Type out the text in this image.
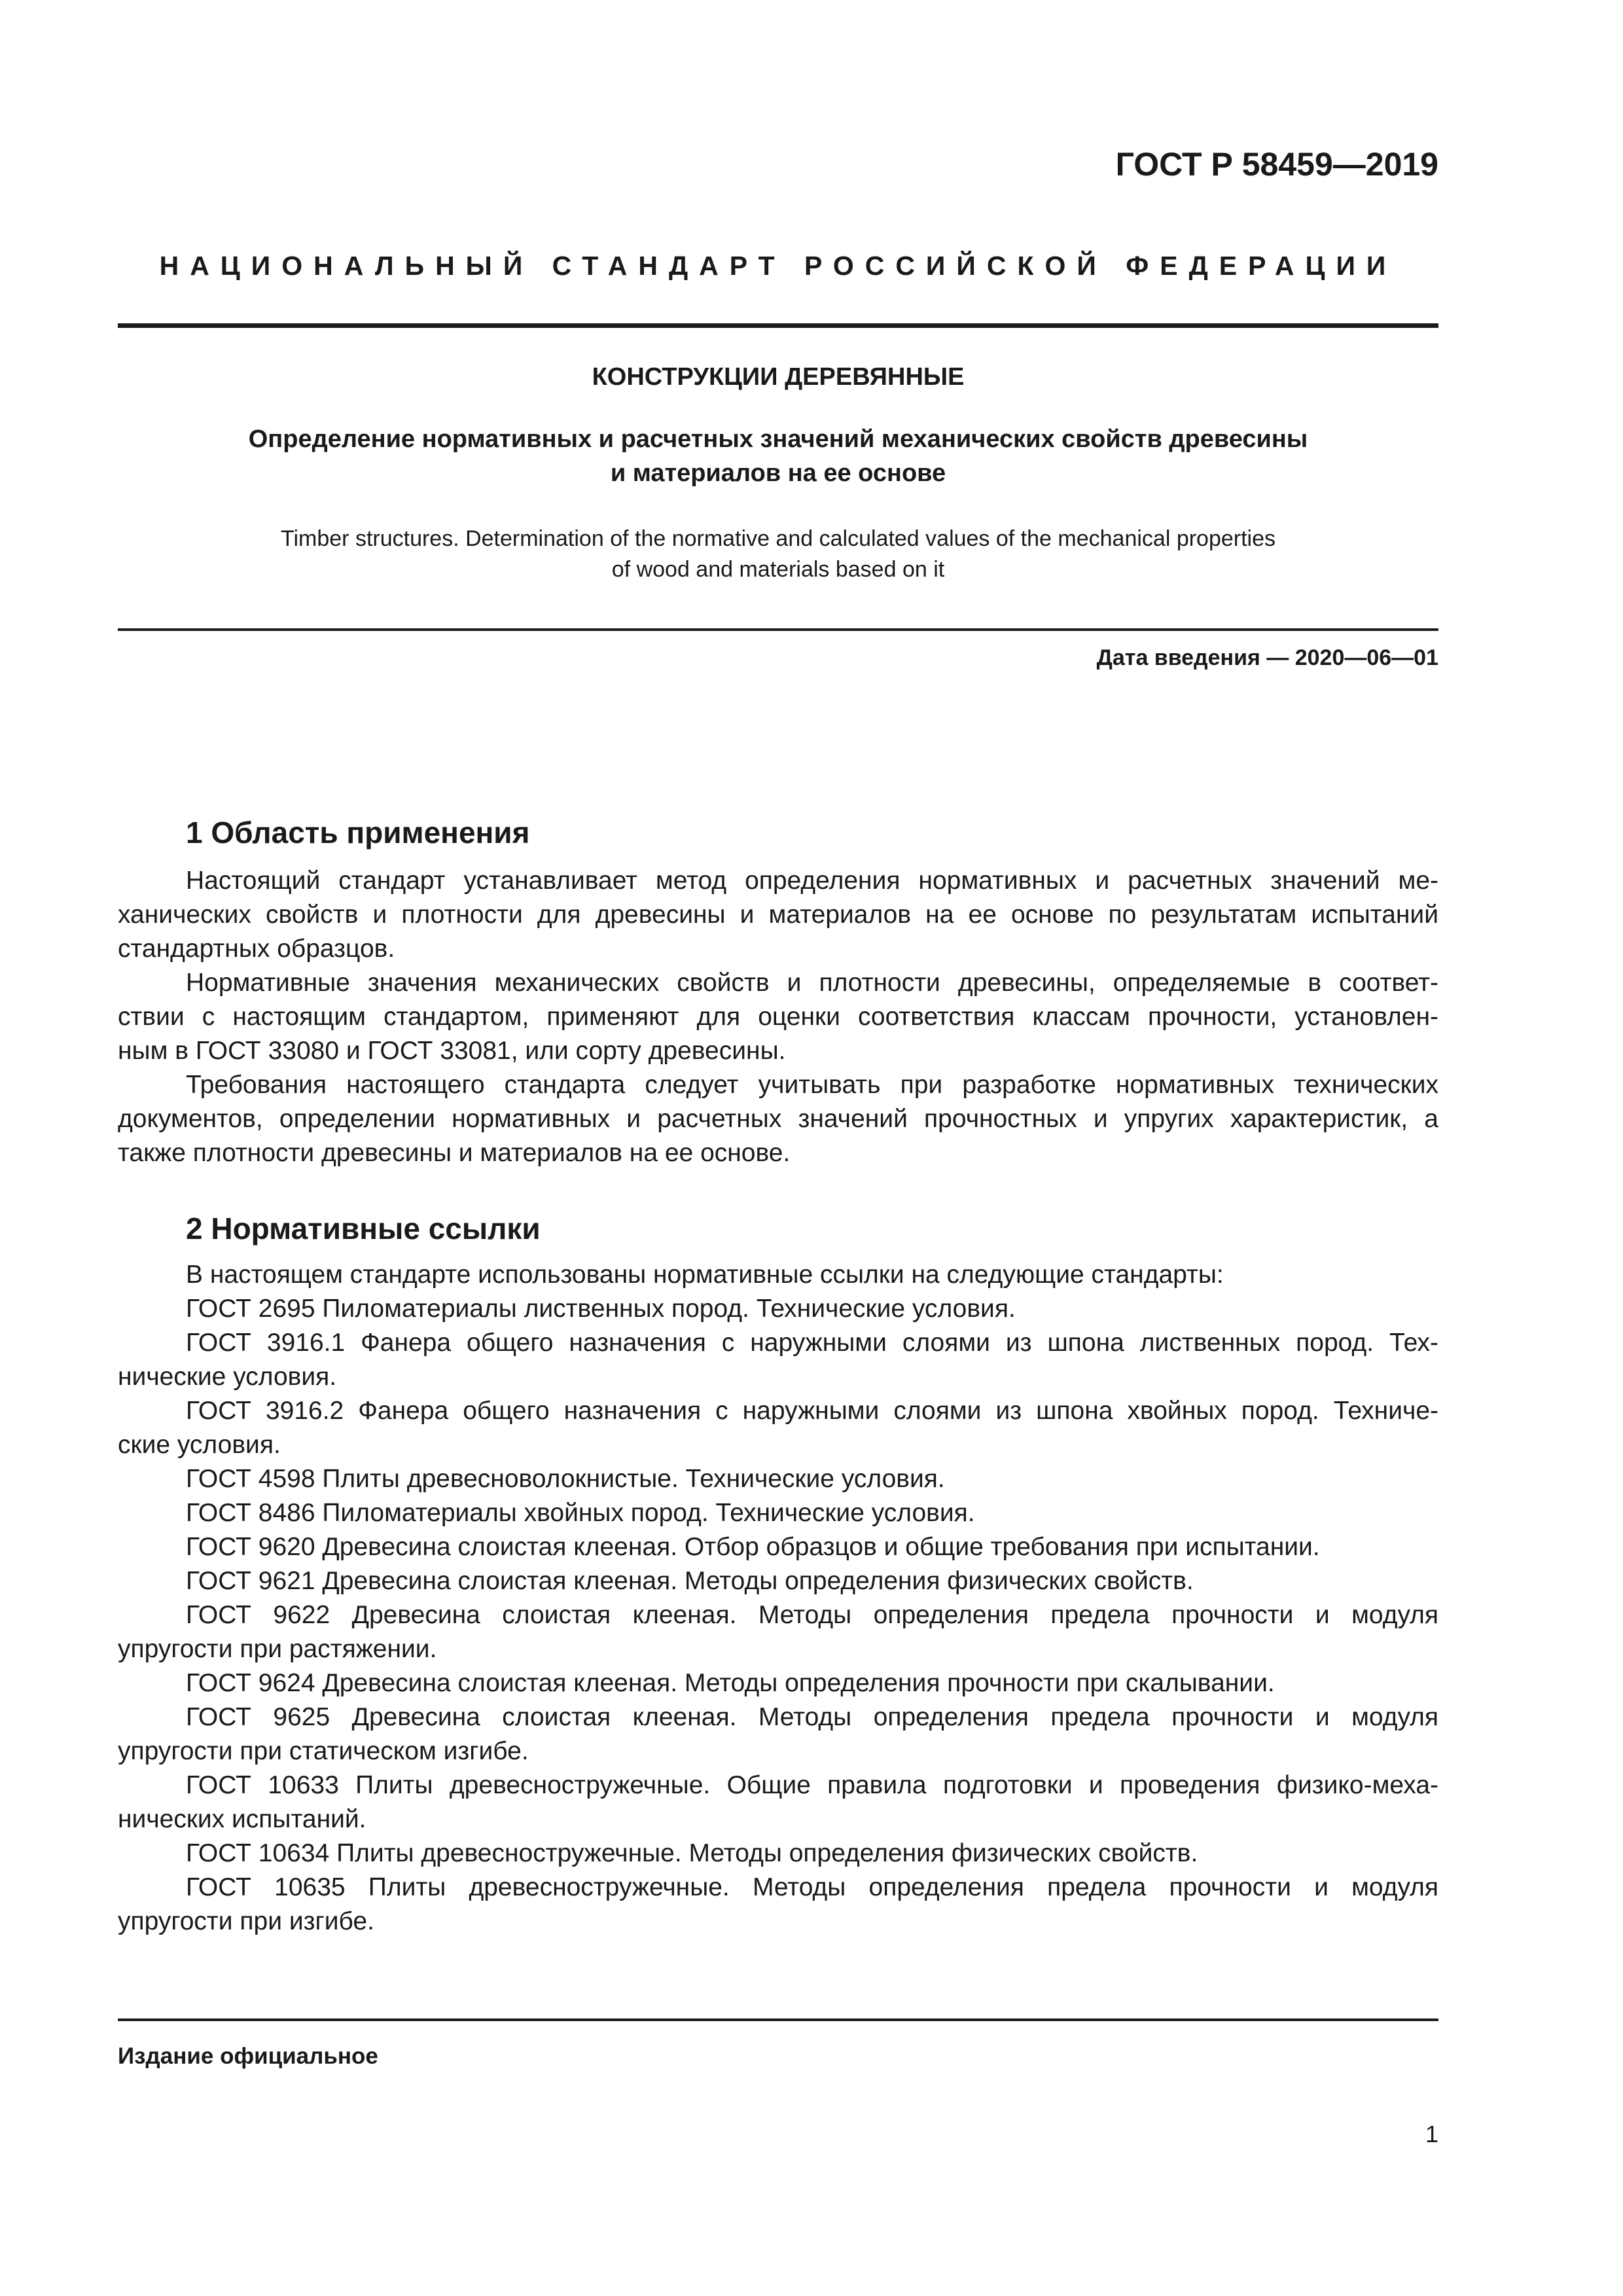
ГОСТ Р 58459—2019
НАЦИОНАЛЬНЫЙ СТАНДАРТ РОССИЙСКОЙ ФЕДЕРАЦИИ
КОНСТРУКЦИИ ДЕРЕВЯННЫЕ
Определение нормативных и расчетных значений механических свойств древесины
и материалов на ее основе
Timber structures. Determination of the normative and calculated values of the mechanical properties
of wood and materials based on it
Дата введения — 2020—06—01
1 Область применения
Настоящий стандарт устанавливает метод определения нормативных и расчетных значений ме-
ханических свойств и плотности для древесины и материалов на ее основе по результатам испытаний
стандартных образцов.
Нормативные значения механических свойств и плотности древесины, определяемые в соответ-
ствии с настоящим стандартом, применяют для оценки соответствия классам прочности, установлен-
ным в ГОСТ 33080 и ГОСТ 33081, или сорту древесины.
Требования настоящего стандарта следует учитывать при разработке нормативных технических
документов, определении нормативных и расчетных значений прочностных и упругих характеристик, а
также плотности древесины и материалов на ее основе.
2 Нормативные ссылки
В настоящем стандарте использованы нормативные ссылки на следующие стандарты:
ГОСТ 2695 Пиломатериалы лиственных пород. Технические условия.
ГОСТ 3916.1 Фанера общего назначения с наружными слоями из шпона лиственных пород. Тех-
нические условия.
ГОСТ 3916.2 Фанера общего назначения с наружными слоями из шпона хвойных пород. Техниче-
ские условия.
ГОСТ 4598 Плиты древесноволокнистые. Технические условия.
ГОСТ 8486 Пиломатериалы хвойных пород. Технические условия.
ГОСТ 9620 Древесина слоистая клееная. Отбор образцов и общие требования при испытании.
ГОСТ 9621 Древесина слоистая клееная. Методы определения физических свойств.
ГОСТ 9622 Древесина слоистая клееная. Методы определения предела прочности и модуля
упругости при растяжении.
ГОСТ 9624 Древесина слоистая клееная. Методы определения прочности при скалывании.
ГОСТ 9625 Древесина слоистая клееная. Методы определения предела прочности и модуля
упругости при статическом изгибе.
ГОСТ 10633 Плиты древесностружечные. Общие правила подготовки и проведения физико-меха-
нических испытаний.
ГОСТ 10634 Плиты древесностружечные. Методы определения физических свойств.
ГОСТ 10635 Плиты древесностружечные. Методы определения предела прочности и модуля
упругости при изгибе.
Издание официальное
1
